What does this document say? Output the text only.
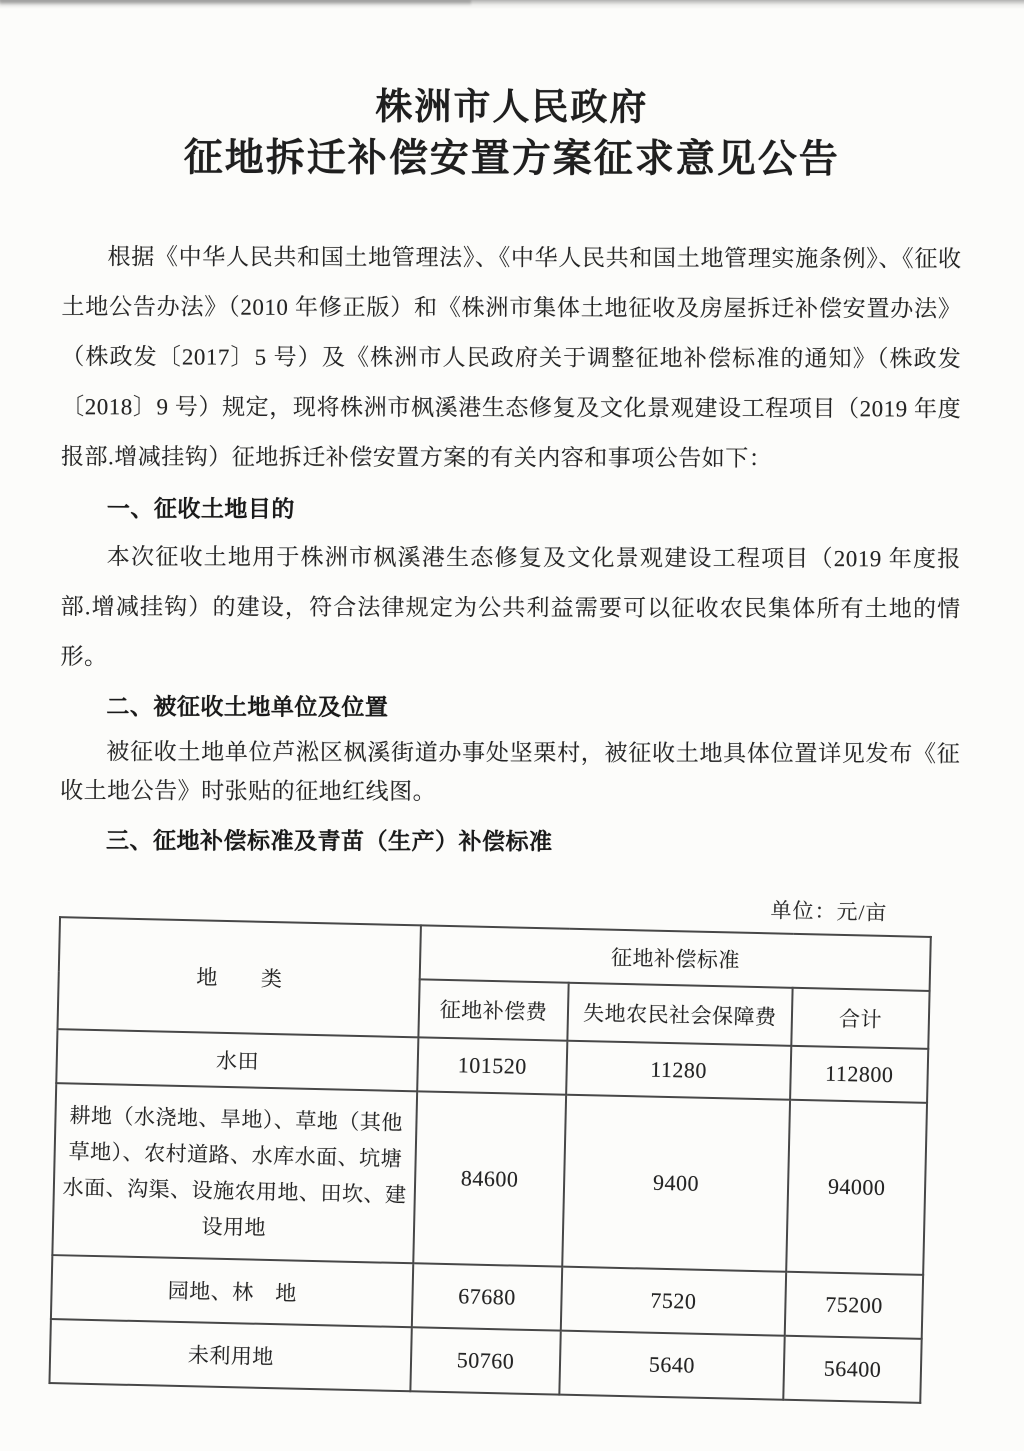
株洲市人民政府
征地拆迁补偿安置方案征求意见公告

根据《中华人民共和国土地管理法》、《中华人民共和国土地管理实施条例》、《征收土地公告办法》（2010 年修正版）和《株洲市集体土地征收及房屋拆迁补偿安置办法》（株政发〔2017〕5 号）及《株洲市人民政府关于调整征地补偿标准的通知》（株政发〔2018〕9 号）规定，现将株洲市枫溪港生态修复及文化景观建设工程项目（2019 年度报部.增减挂钩）征地拆迁补偿安置方案的有关内容和事项公告如下：

一、征收土地目的

本次征收土地用于株洲市枫溪港生态修复及文化景观建设工程项目（2019 年度报部.增减挂钩）的建设，符合法律规定为公共利益需要可以征收农民集体所有土地的情形。

二、被征收土地单位及位置

被征收土地单位芦淞区枫溪街道办事处坚栗村，被征收土地具体位置详见发布《征收土地公告》时张贴的征地红线图。

三、征地补偿标准及青苗（生产）补偿标准
单位：元/亩
地　　类	征地补偿标准		
	征地补偿费	失地农民社会保障费	合计
水田	101520	11280	112800
耕地（水浇地、旱地）、草地（其他草地）、农村道路、水库水面、坑塘水面、沟渠、设施农用地、田坎、建设用地	84600	9400	94000
园地、林　地	67680	7520	75200
未利用地	50760	5640	56400
